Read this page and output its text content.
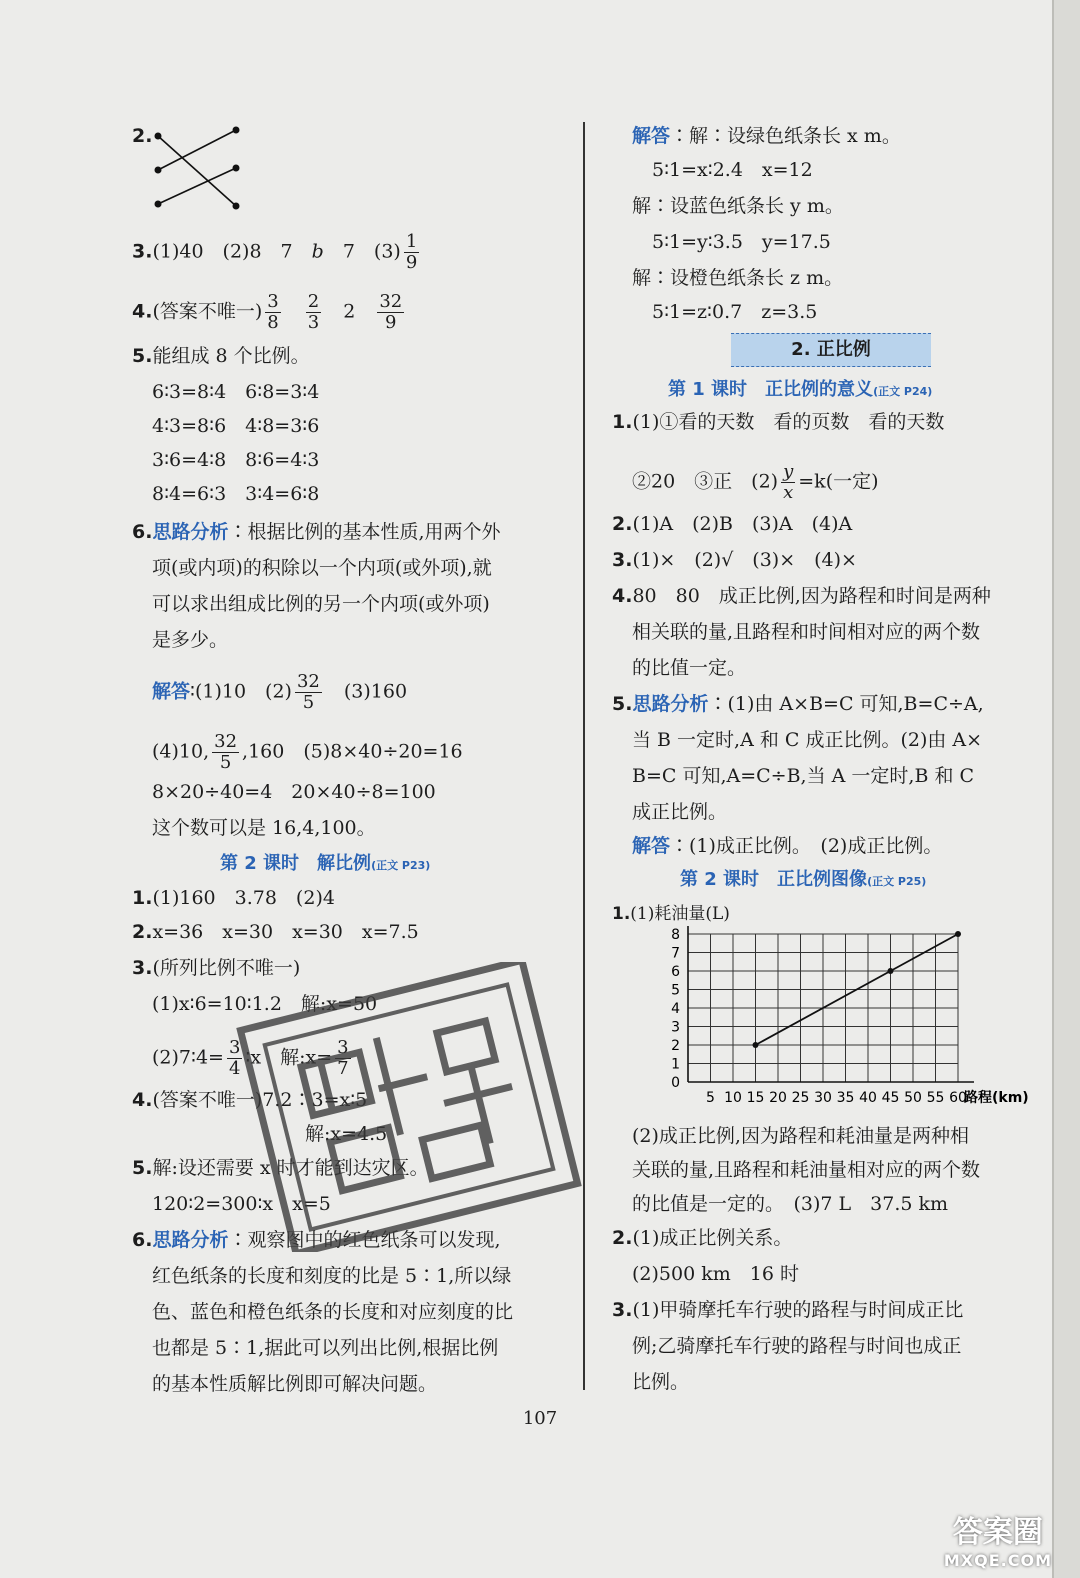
2.
3.(1)40　(2)8　7　b　7　$(3) \frac{1}{9}$
4.(答案不唯一) $\frac{3}{8}$
　 $\frac{2}{3}$
　 2　 $\frac{32}{9}$
5.能组成 8 个比例。
6∶3=8∶4　6∶8=3∶4
4∶3=8∶6　4∶8=3∶6
3∶6=4∶8　8∶6=4∶3
8∶4=6∶3　3∶4=6∶8
6.思路分析∶根据比例的基本性质,用两个外
项(或内项)的积除以一个内项(或外项),就
可以求出组成比例的另一个内项(或外项)
是多少。
解答∶(1)10　$(2) \frac{32}{5}$ 　(3)160
(4)10, $\frac{32}{5} ,160$　(5)8×40÷20=16
8×20÷40=4　20×40÷8=100
这个数可以是 16,4,100。
第 2 课时　解比例(正文 P23)
1.(1)160　3.78　(2)4
2.x=36　x=30　x=30　x=7.5
3.(所列比例不唯一)
(1)x∶6=10∶1.2　解:x=50
(2)7∶4= $\frac{3}{4}$ ∶x　解:x= $\frac{3}{7}$
4.(答案不唯一)7.2∶3=x∶5
解:x=4.5
5.解:设还需要 x 时才能到达灾区。
120∶2=300∶x　x=5
6.思路分析∶观察图中的红色纸条可以发现,
红色纸条的长度和刻度的比是 5∶1,所以绿
色、蓝色和橙色纸条的长度和对应刻度的比
也都是 5∶1,据此可以列出比例,根据比例
的基本性质解比例即可解决问题。
解答∶解∶设绿色纸条长 x m。
5∶1=x∶2.4　x=12
解∶设蓝色纸条长 y m。
5∶1=y∶3.5　y=17.5
解∶设橙色纸条长 z m。
5∶1=z∶0.7　z=3.5
2. 正比例
第 1 课时　正比例的意义(正文 P24)
1.(1)①看的天数　看的页数　看的天数
②20　③正　$(2) \frac{y}{x} =k$(一定)
2.(1)A　(2)B　(3)A　(4)A
3.(1)×　(2)√　(3)×　(4)×
4.80　80　成正比例,因为路程和时间是两种
相关联的量,且路程和时间相对应的两个数
的比值一定。
5.思路分析∶(1)由 A×B=C 可知,B=C÷A,
当 B 一定时,A 和 C 成正比例。(2)由 A×
B=C 可知,A=C÷B,当 A 一定时,B 和 C
成正比例。
解答∶(1)成正比例。　(2)成正比例。
第 2 课时　正比例图像(正文 P25)
1.(1)耗油量(L)
0
1
2
3
4
5
6
7
8
5 10 15 20 25 30 35 40 45 50 55 60
路程(km)
(2)成正比例,因为路程和耗油量是两种相
关联的量,且路程和耗油量相对应的两个数
的比值是一定的。　(3)7 L　37.5 km
2.(1)成正比例关系。
(2)500 km　16 时
3.(1)甲骑摩托车行驶的路程与时间成正比
例;乙骑摩托车行驶的路程与时间也成正
比例。
107
答案圈
MXQE.COM
